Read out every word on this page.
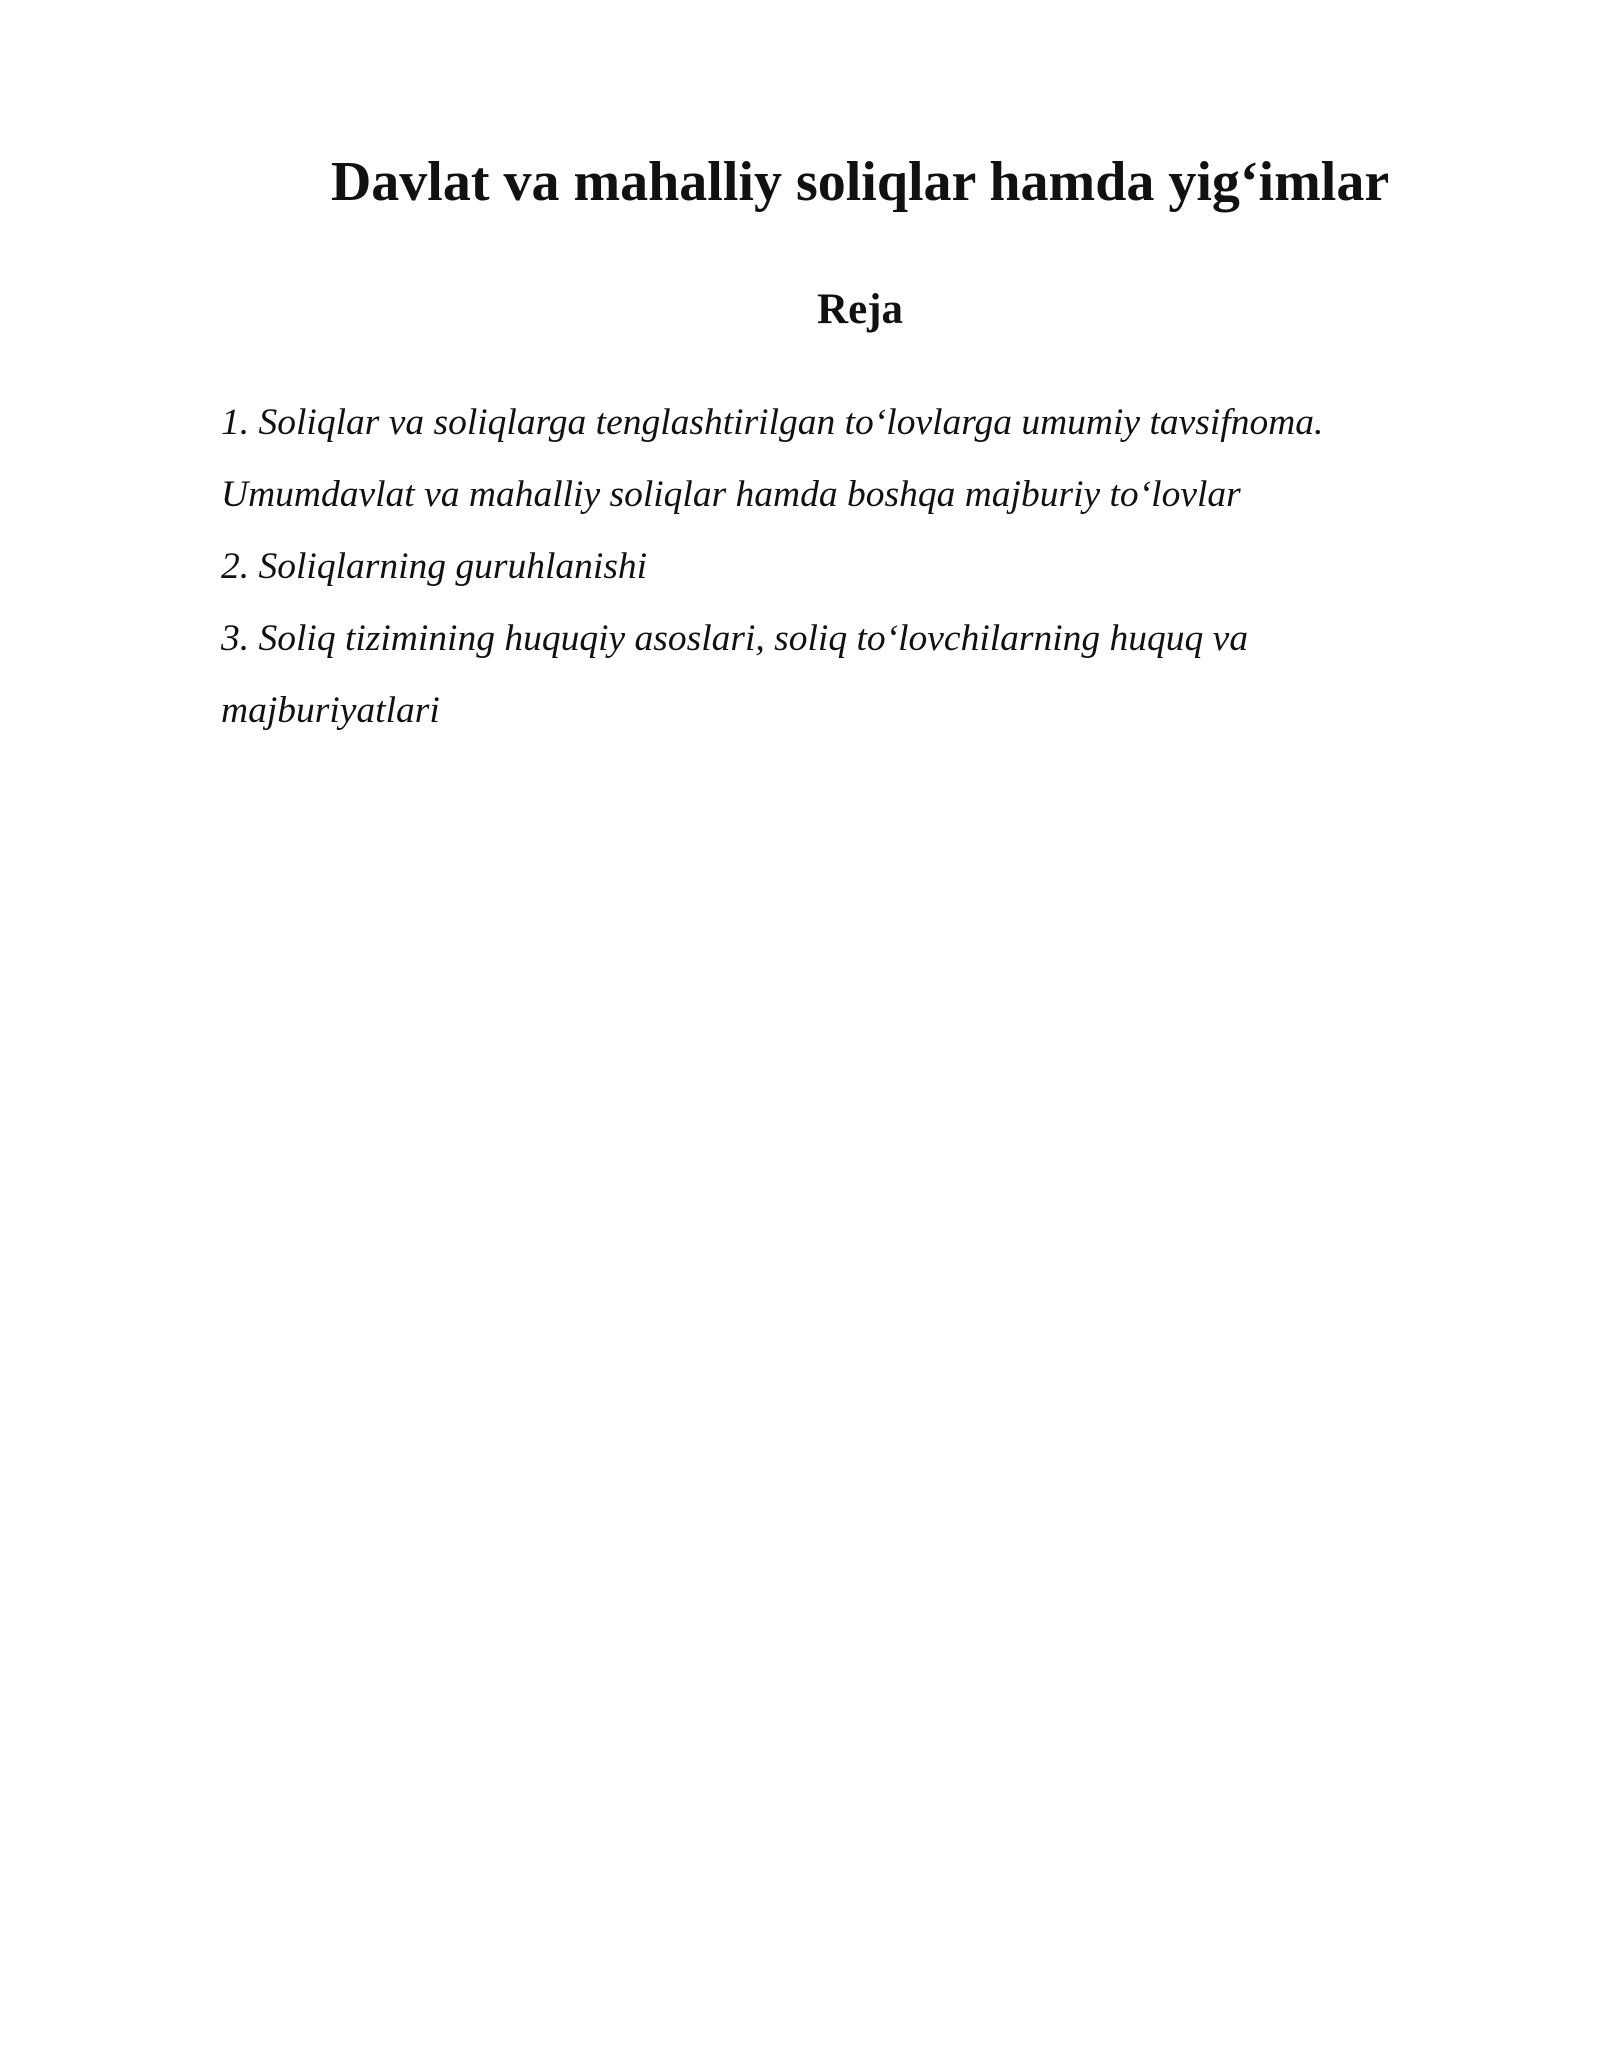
Davlat va mahalliy soliqlar hamda yig‘imlar
Reja
1. Soliqlar va soliqlarga tenglashtirilgan to‘lovlarga umumiy tavsifnoma.
Umumdavlat va mahalliy soliqlar hamda boshqa majburiy to‘lovlar
2. Soliqlarning guruhlanishi
3. Soliq tizimining huquqiy asoslari, soliq to‘lovchilarning huquq va
majburiyatlari
